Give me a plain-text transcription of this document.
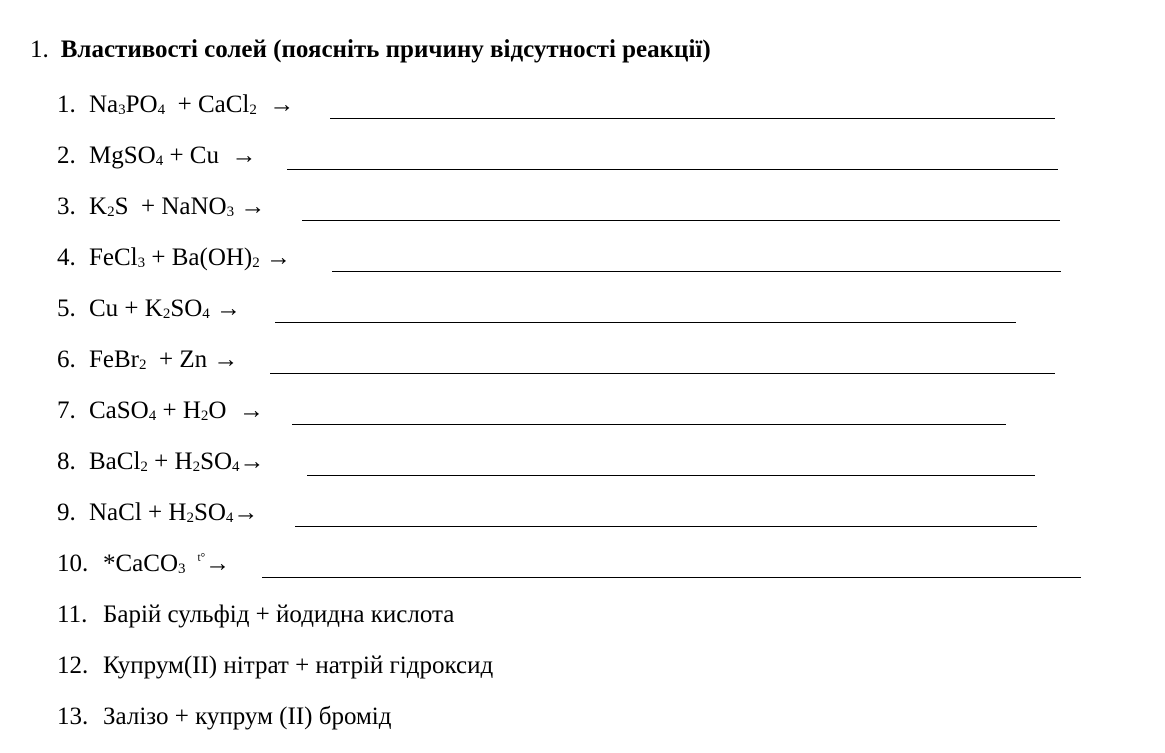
1. Властивості солей (поясніть причину відсутності реакції)
1. $Na_3PO_4$  + CaCl$_2$  →
2. MgSO$_4$ + Cu  →
3. $K_2S$  + NaNO$_3$ →
4. FeCl$_3$ + $Ba(OH)_2$ →
5. $Cu + K_2SO_4$ →
6. FeBr$_2$  + Zn →
7. CaSO$_4$ + $H_2O$  →
8. BaCl$_2$ + $H_2SO_4\to$
9. NaCl + $H_2SO_4\to$
10. *CaCO$_3^{t^\circ}$→
11. Барій сульфід + йодидна кислота
12. Купрум(II) нітрат + натрій гідроксид
13. Залізо + купрум (II) бромід
